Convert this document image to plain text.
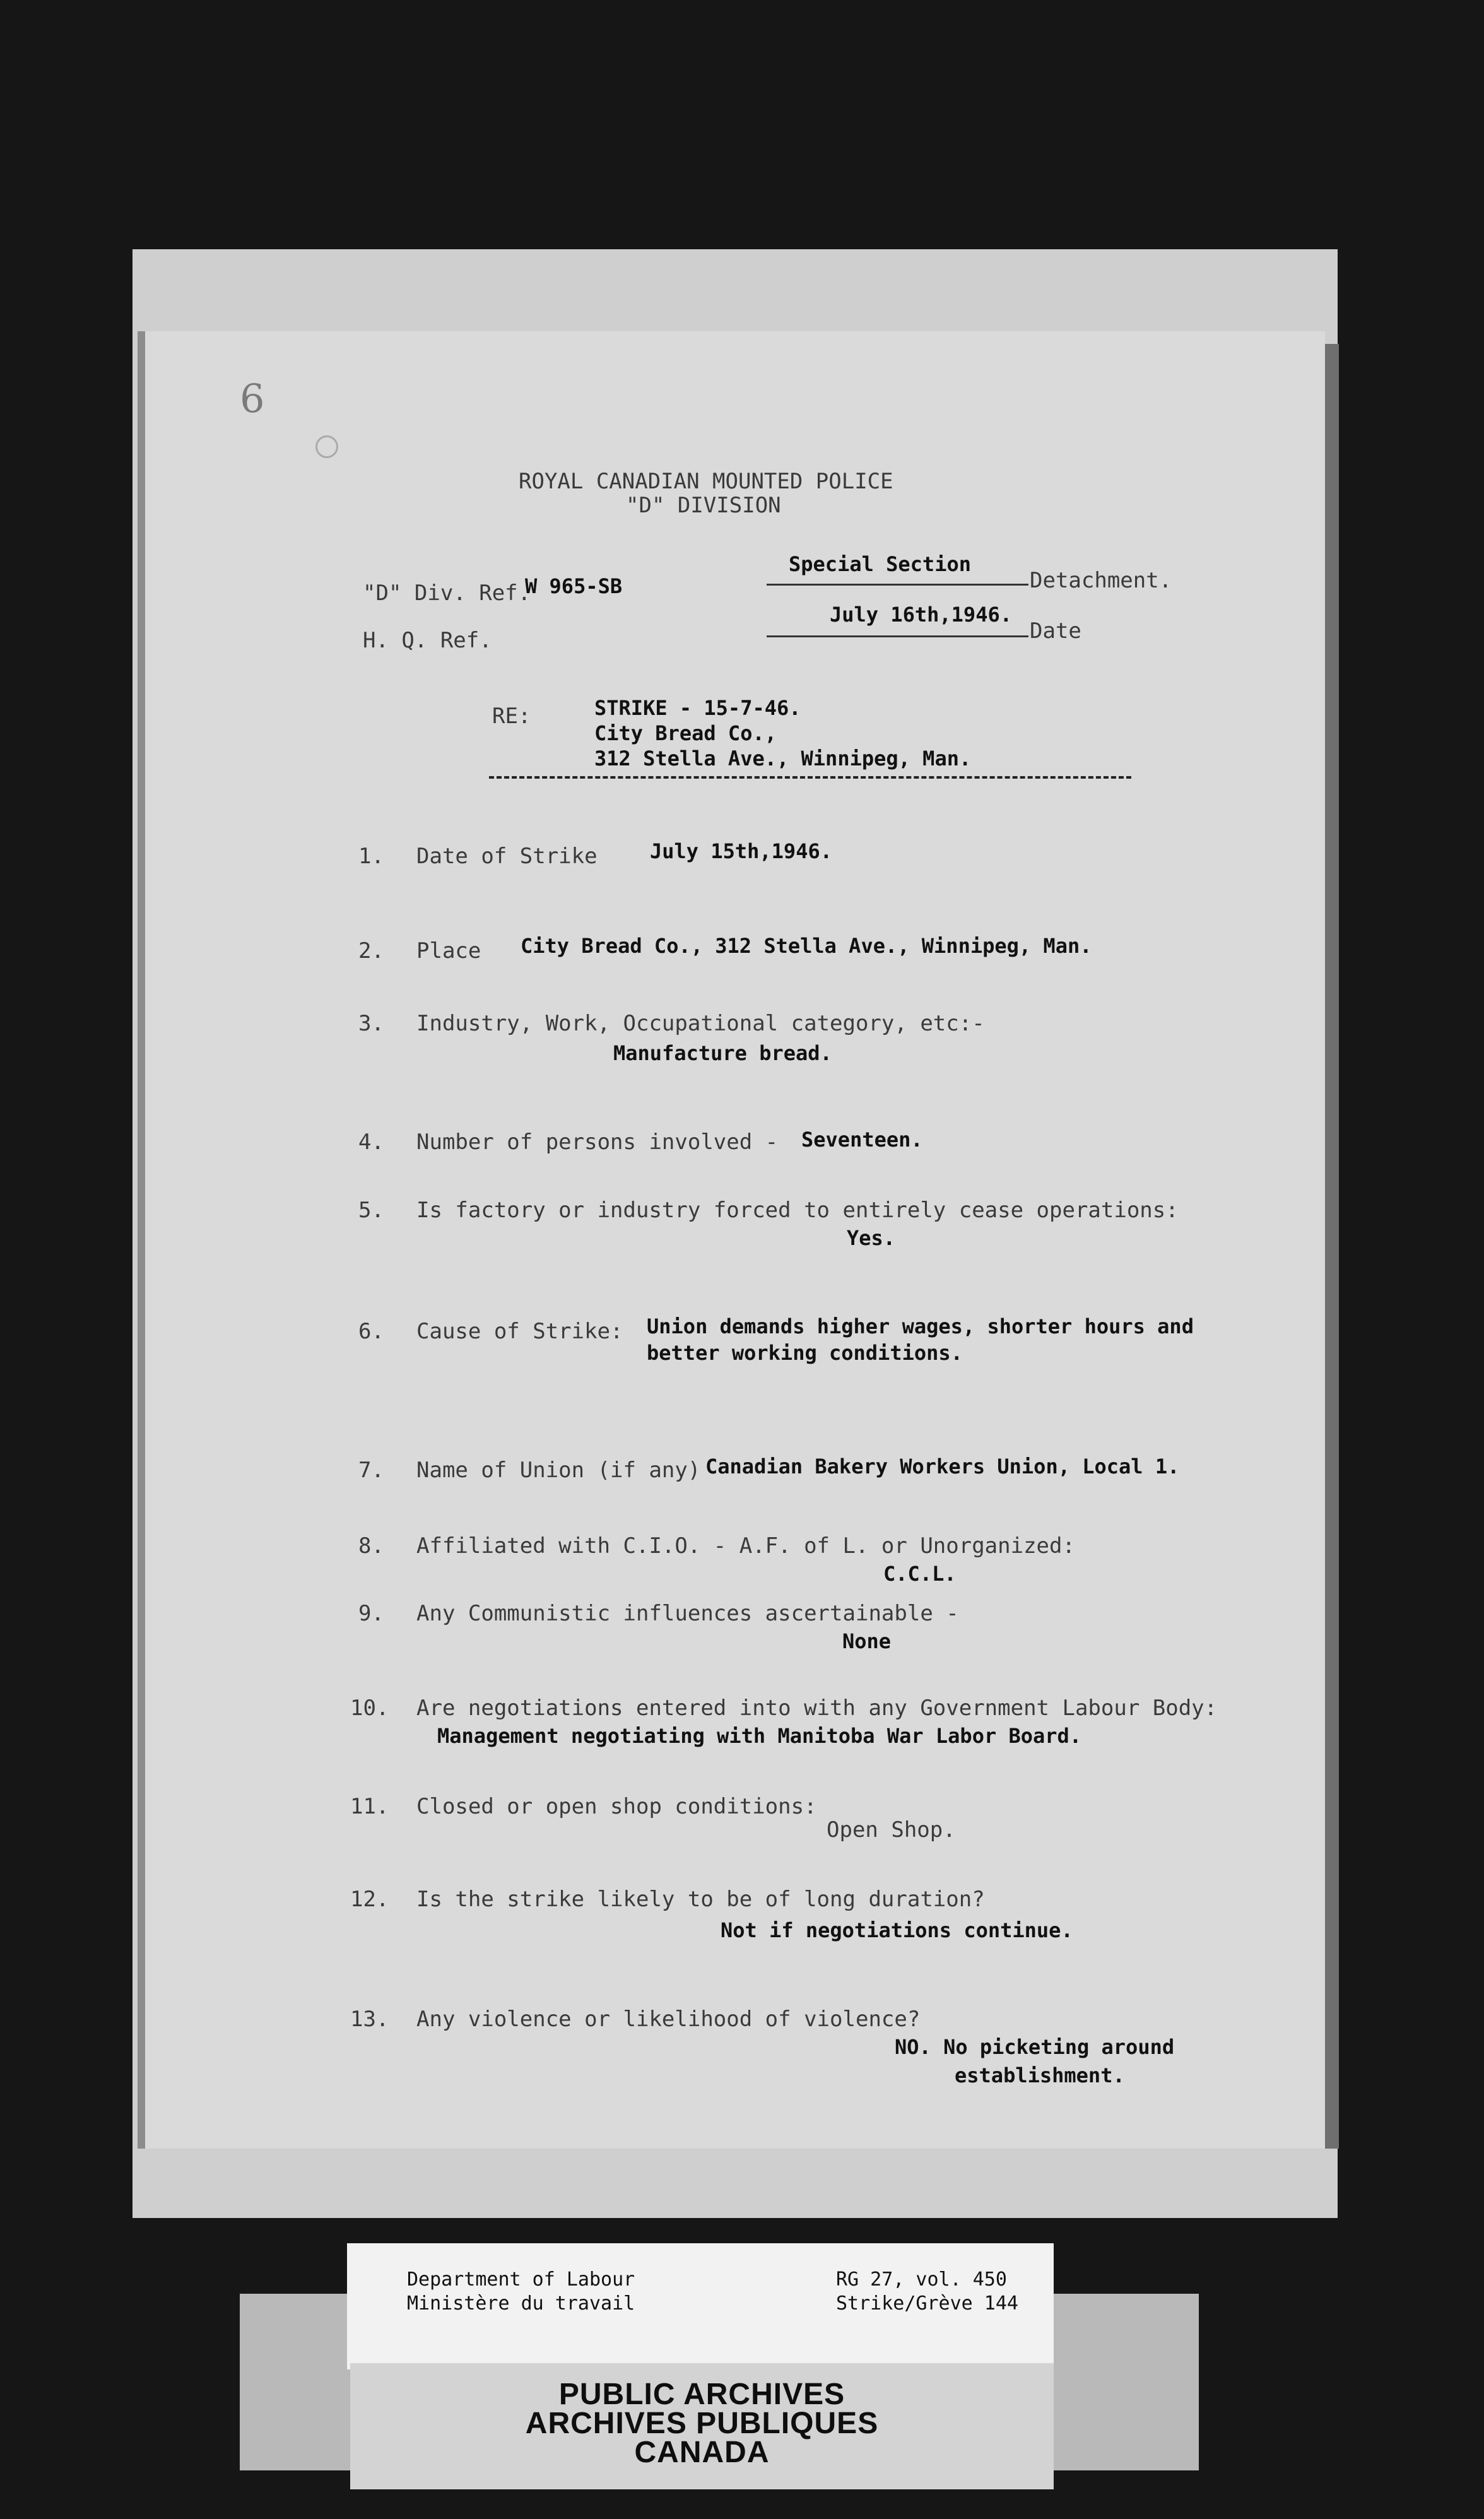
6
ROYAL CANADIAN MOUNTED POLICE
"D" DIVISION
"D" Div. Ref.
W 965-SB
H. Q. Ref.
Special Section
Detachment.
July 16th,1946.
Date
RE:	STRIKE - 15-7-46.
City Bread Co.,
312 Stella Ave., Winnipeg, Man.
1. Date of Strike	July 15th,1946.
2. Place City Bread Co., 312 Stella Ave., Winnipeg, Man.
3. Industry, Work, Occupational category, etc:-
Manufacture bread.
4. Number of persons involved - Seventeen.
5. Is factory or industry forced to entirely cease operations:
Yes.
6. Cause of Strike: Union demands higher wages, shorter hours and
better working conditions.
7. Name of Union (if any) Canadian Bakery Workers Union, Local 1.
8. Affiliated with C.I.O. - A.F. of L. or Unorganized:
C.C.L.
9. Any Communistic influences ascertainable -
None
10. Are negotiations entered into with any Government Labour Body:
Management negotiating with Manitoba War Labor Board.
11. Closed or open shop conditions:
Open Shop.
12. Is the strike likely to be of long duration?
Not if negotiations continue.
13. Any violence or likelihood of violence?
NO. No picketing around
establishment.
Department of Labour
Ministère du travail
RG 27, vol. 450
Strike/Grève 144
PUBLIC ARCHIVES
ARCHIVES PUBLIQUES
CANADA
